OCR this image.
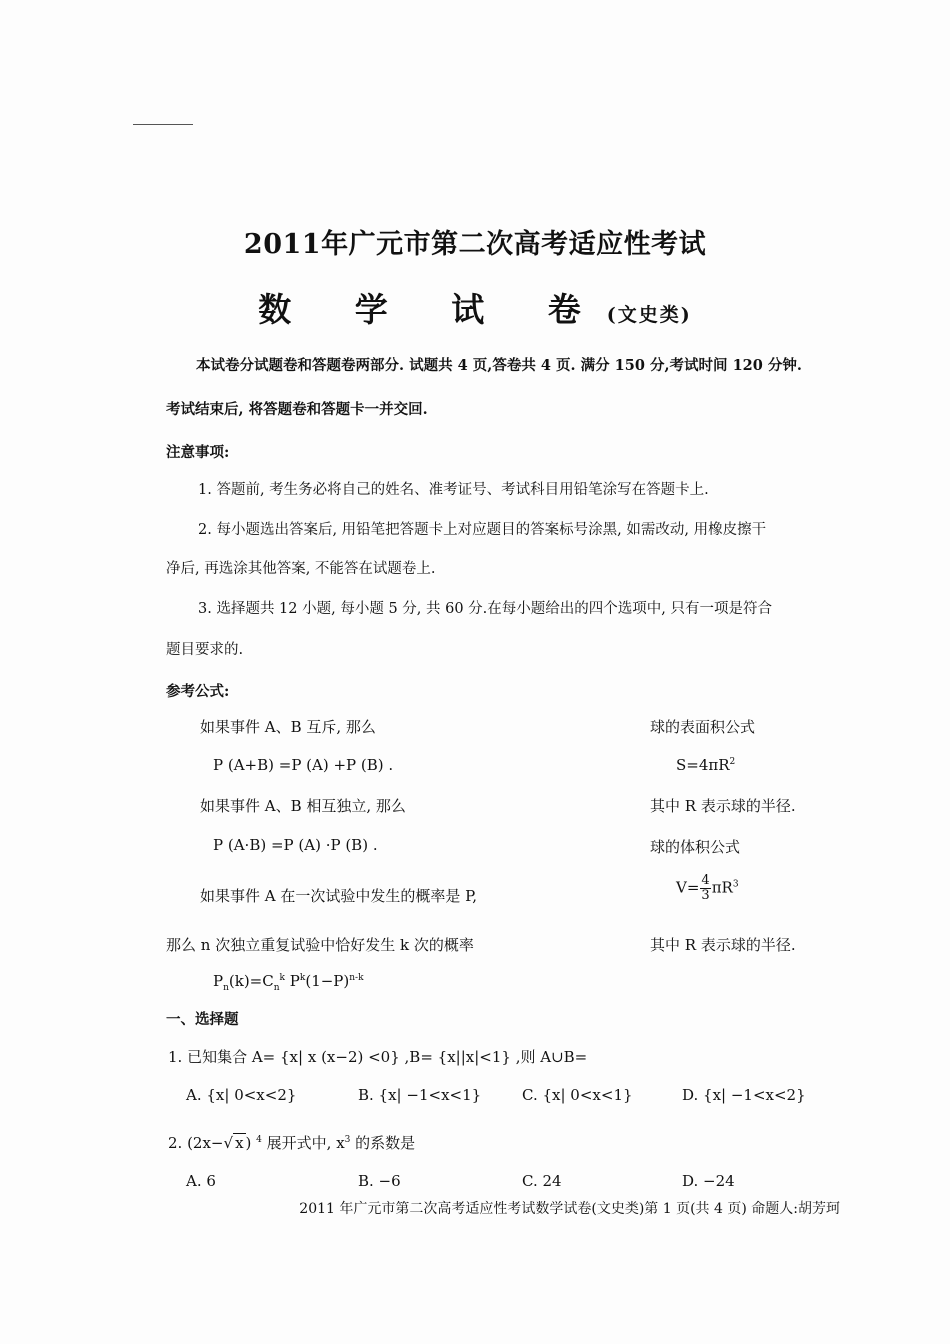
2011年广元市第二次高考适应性考试
数 学 试 卷(文史类)
本试卷分试题卷和答题卷两部分. 试题共 4 页,答卷共 4 页. 满分 150 分,考试时间 120 分钟.
考试结束后, 将答题卷和答题卡一并交回.
注意事项:
1. 答题前, 考生务必将自己的姓名、准考证号、考试科目用铅笔涂写在答题卡上.
2. 每小题选出答案后, 用铅笔把答题卡上对应题目的答案标号涂黑, 如需改动, 用橡皮擦干
净后, 再选涂其他答案, 不能答在试题卷上.
3. 选择题共 12 小题, 每小题 5 分, 共 60 分.在每小题给出的四个选项中, 只有一项是符合
题目要求的.
参考公式:
如果事件 A、B 互斥, 那么
P (A+B) =P (A) +P (B) .
如果事件 A、B 相互独立, 那么
P (A·B) =P (A) ·P (B) .
如果事件 A 在一次试验中发生的概率是 P,
那么 n 次独立重复试验中恰好发生 k 次的概率
$P_n(k)=C_n^k$ $P^k(1-P)^{n-k}$
球的表面积公式
$S=4\pi R^2$
其中 R 表示球的半径.
球的体积公式
$V= \frac{4}{3} \pi R^3$
其中 R 表示球的半径.
一、选择题
1. 已知集合 A= {x| x (x−2) <0} ,B= {x||x|<1} ,则 A∪B=
A. {x| 0<x<2}	B. {x| −1<x<1}	C. {x| 0<x<1}	D. {x| −1<x<2}
2. (2x−√ x ) $^4$ 展开式中, $x^3$ 的系数是
A. 6	B. −6	C. 24	D. −24
2011 年广元市第二次高考适应性考试数学试卷(文史类)第 1 页(共 4 页) 命题人:胡芳珂
